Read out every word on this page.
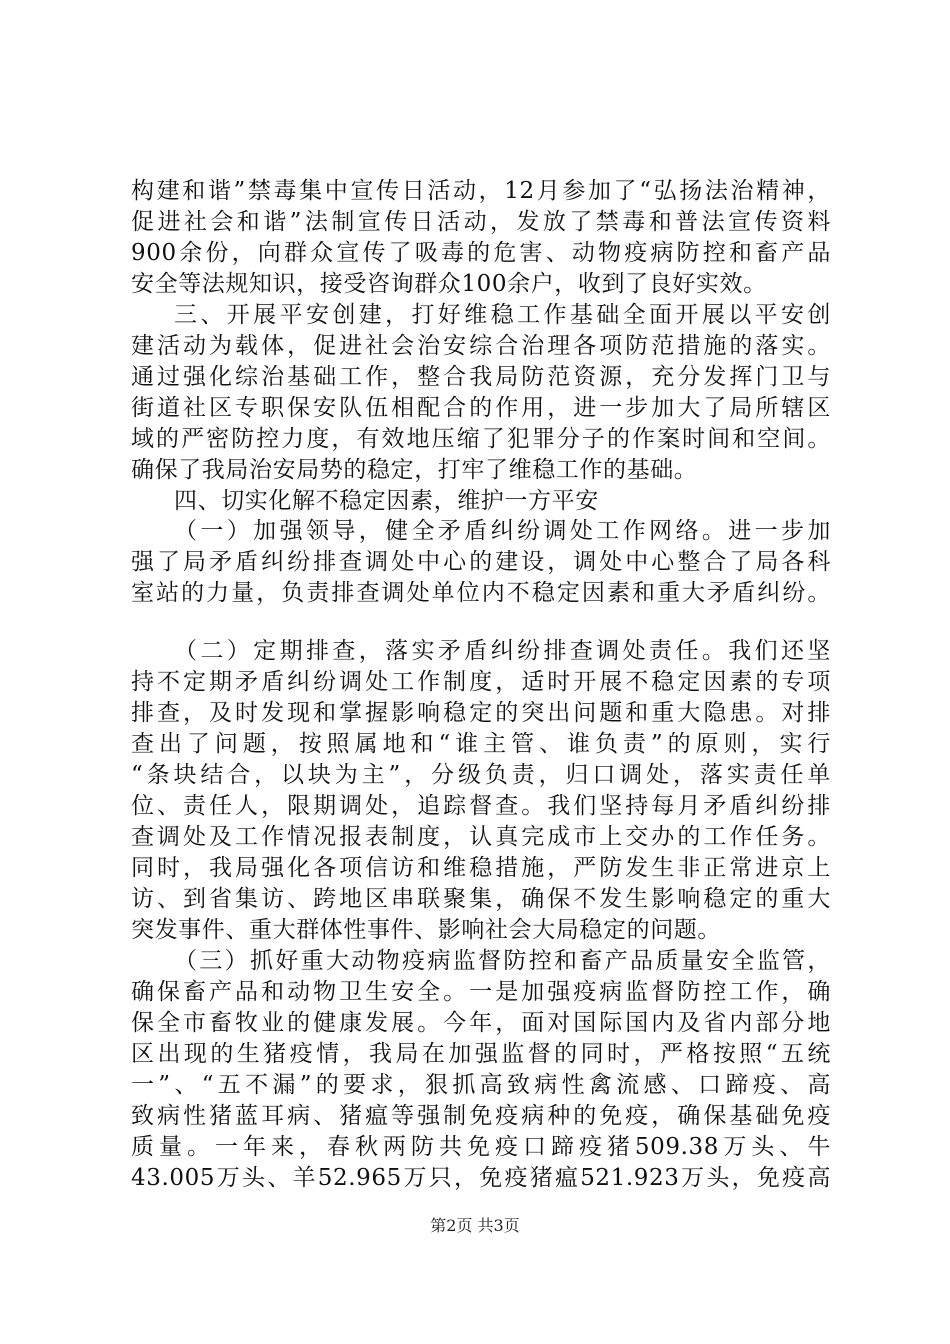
构建和谐”禁毒集中宣传日活动，12月参加了“弘扬法治精神，
促进社会和谐”法制宣传日活动，发放了禁毒和普法宣传资料
900余份，向群众宣传了吸毒的危害、动物疫病防控和畜产品
安全等法规知识，接受咨询群众100余户，收到了良好实效。
三、开展平安创建，打好维稳工作基础全面开展以平安创
建活动为载体，促进社会治安综合治理各项防范措施的落实。
通过强化综治基础工作，整合我局防范资源，充分发挥门卫与
街道社区专职保安队伍相配合的作用，进一步加大了局所辖区
域的严密防控力度，有效地压缩了犯罪分子的作案时间和空间。
确保了我局治安局势的稳定，打牢了维稳工作的基础。
四、切实化解不稳定因素，维护一方平安
（一）加强领导，健全矛盾纠纷调处工作网络。进一步加
强了局矛盾纠纷排查调处中心的建设，调处中心整合了局各科
室站的力量，负责排查调处单位内不稳定因素和重大矛盾纠纷。
（二）定期排查，落实矛盾纠纷排查调处责任。我们还坚
持不定期矛盾纠纷调处工作制度，适时开展不稳定因素的专项
排查，及时发现和掌握影响稳定的突出问题和重大隐患。对排
查出了问题，按照属地和“谁主管、谁负责”的原则，实行
“条块结合，以块为主”，分级负责，归口调处，落实责任单
位、责任人，限期调处，追踪督查。我们坚持每月矛盾纠纷排
查调处及工作情况报表制度，认真完成市上交办的工作任务。
同时，我局强化各项信访和维稳措施，严防发生非正常进京上
访、到省集访、跨地区串联聚集，确保不发生影响稳定的重大
突发事件、重大群体性事件、影响社会大局稳定的问题。
（三）抓好重大动物疫病监督防控和畜产品质量安全监管，
确保畜产品和动物卫生安全。一是加强疫病监督防控工作，确
保全市畜牧业的健康发展。今年，面对国际国内及省内部分地
区出现的生猪疫情，我局在加强监督的同时，严格按照“五统
一”、“五不漏”的要求，狠抓高致病性禽流感、口蹄疫、高
致病性猪蓝耳病、猪瘟等强制免疫病种的免疫，确保基础免疫
质量。一年来，春秋两防共免疫口蹄疫猪509.38万头、牛
43.005万头、羊52.965万只，免疫猪瘟521.923万头，免疫高
第2页 共3页
